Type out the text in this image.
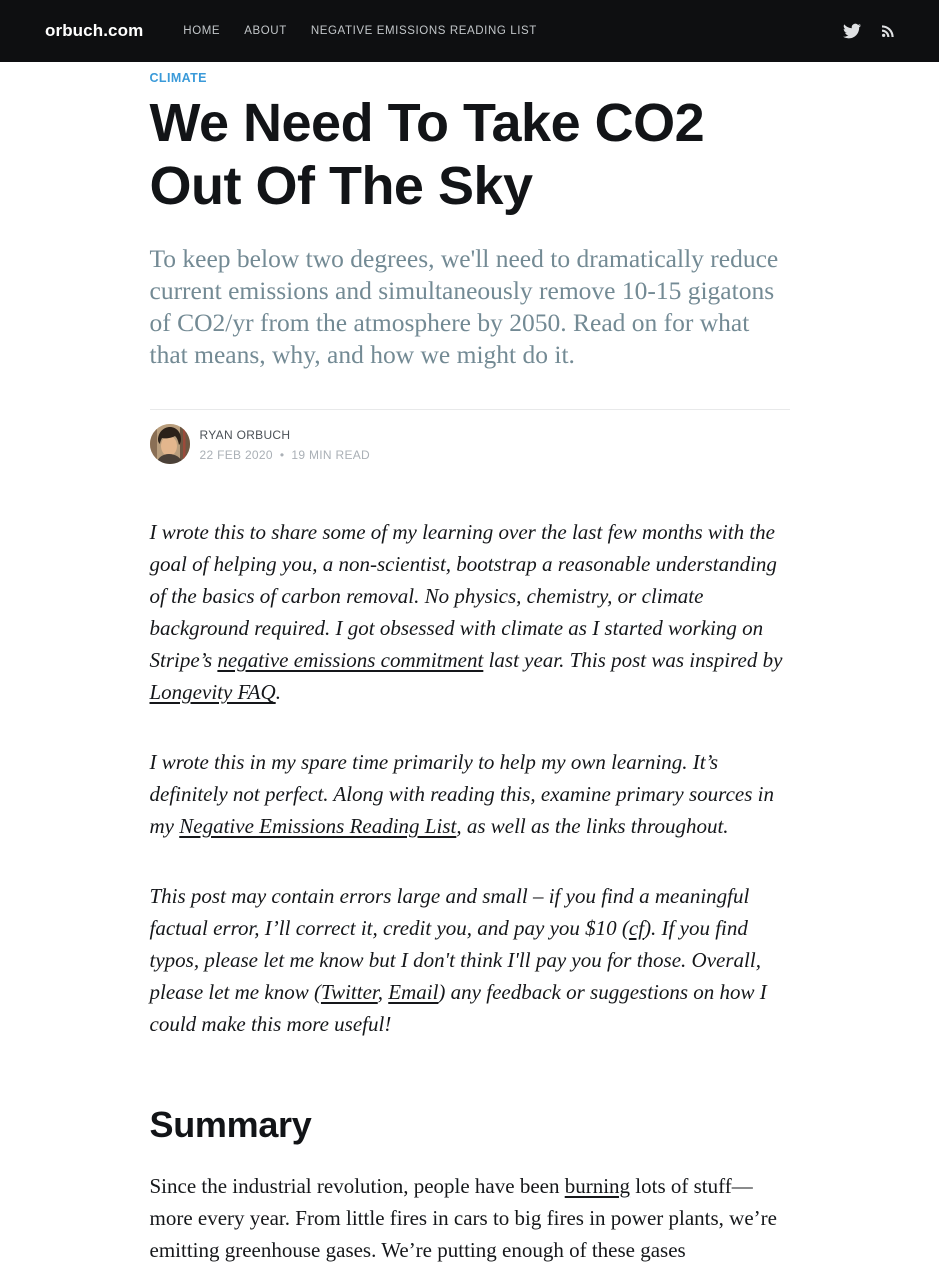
orbuch.com	HOME	ABOUT	NEGATIVE EMISSIONS READING LIST
CLIMATE
We Need To Take CO2 Out Of The Sky

To keep below two degrees, we'll need to dramatically reduce current emissions and simultaneously remove 10-15 gigatons of CO2/yr from the atmosphere by 2050. Read on for what that means, why, and how we might do it.

RYAN ORBUCH
22 FEB 2020 • 19 MIN READ

I wrote this to share some of my learning over the last few months with the goal of helping you, a non-scientist, bootstrap a reasonable understanding of the basics of carbon removal. No physics, chemistry, or climate background required. I got obsessed with climate as I started working on Stripe’s negative emissions commitment last year. This post was inspired by Longevity FAQ.

I wrote this in my spare time primarily to help my own learning. It’s definitely not perfect. Along with reading this, examine primary sources in my Negative Emissions Reading List, as well as the links throughout.

This post may contain errors large and small – if you find a meaningful factual error, I’ll correct it, credit you, and pay you $10 (cf). If you find typos, please let me know but I don't think I'll pay you for those. Overall, please let me know (Twitter, Email) any feedback or suggestions on how I could make this more useful!

Summary

Since the industrial revolution, people have been burning lots of stuff—more every year. From little fires in cars to big fires in power plants, we’re emitting greenhouse gases. We’re putting enough of these gases
